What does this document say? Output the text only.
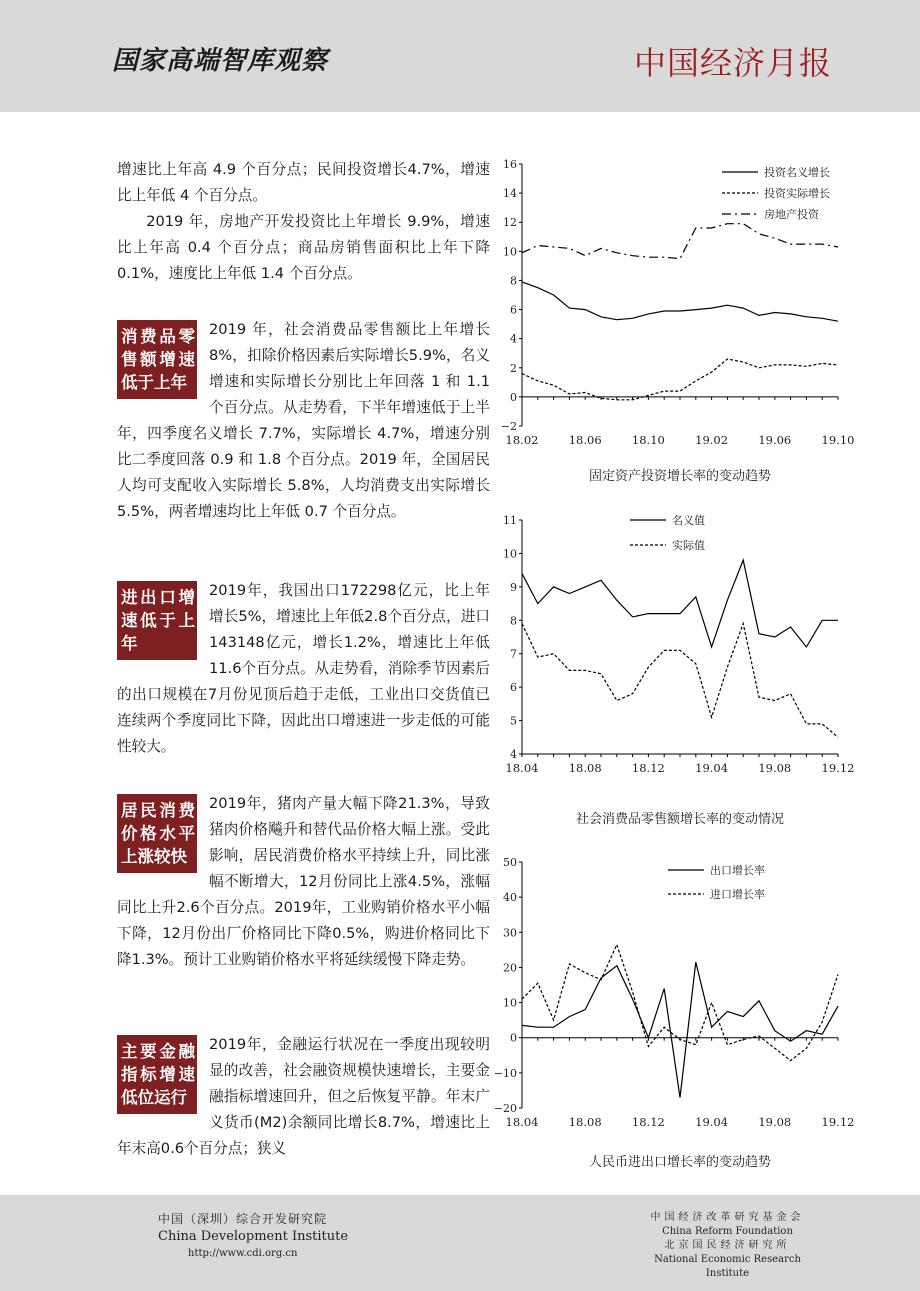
国家高端智库观察	中国经济月报

增速比上年高 4.9 个百分点；民间投资增长4.7%，增速比上年低 4 个百分点。

2019 年，房地产开发投资比上年增长 9.9%，增速比上年高 0.4 个百分点；商品房销售面积比上年下降 0.1%，速度比上年低 1.4 个百分点。

消费品零售额增速低于上年

2019 年，社会消费品零售额比上年增长 8%，扣除价格因素后实际增长5.9%，名义增速和实际增长分别比上年回落 1 和 1.1 个百分点。从走势看，下半年增速低于上半年，四季度名义增长 7.7%，实际增长 4.7%，增速分别比二季度回落 0.9 和 1.8 个百分点。2019 年，全国居民人均可支配收入实际增长 5.8%，人均消费支出实际增长 5.5%，两者增速均比上年低 0.7 个百分点。

进出口增速低于上年

2019年，我国出口172298亿元，比上年增长5%，增速比上年低2.8个百分点，进口143148亿元，增长1.2%，增速比上年低11.6个百分点。从走势看，消除季节因素后的出口规模在7月份见顶后趋于走低，工业出口交货值已连续两个季度同比下降，因此出口增速进一步走低的可能性较大。

居民消费价格水平上涨较快

2019年，猪肉产量大幅下降21.3%，导致猪肉价格飚升和替代品价格大幅上涨。受此影响，居民消费价格水平持续上升，同比涨幅不断增大，12月份同比上涨4.5%，涨幅同比上升2.6个百分点。2019年，工业购销价格水平小幅下降，12月份出厂价格同比下降0.5%，购进价格同比下降1.3%。预计工业购销价格水平将延续缓慢下降走势。

主要金融指标增速低位运行

2019年，金融运行状况在一季度出现较明显的改善，社会融资规模快速增长，主要金融指标增速回升，但之后恢复平静。年末广义货币(M2)余额同比增长8.7%，增速比上年末高0.6个百分点；狭义

−2
0
2
4
6
8
10
12
14
16
18.02	18.06	18.10	19.02	19.06	19.10
投资名义增长
投资实际增长
房地产投资
固定资产投资增长率的变动趋势
4
5
6
7
8
9
10
11
18.04	18.08	18.12	19.04	19.08	19.12
名义值
实际值
社会消费品零售额增长率的变动情况
−20
−10
0
10
20
30
40
50
18.04	18.08	18.12	19.04	19.08	19.12
出口增长率
进口增长率
人民币进出口增长率的变动趋势
中国（深圳）综合开发研究院
China Development Institute
http://www.cdi.org.cn
中国经济改革研究基金会
China Reform Foundation
北京国民经济研究所
National Economic Research Institute
